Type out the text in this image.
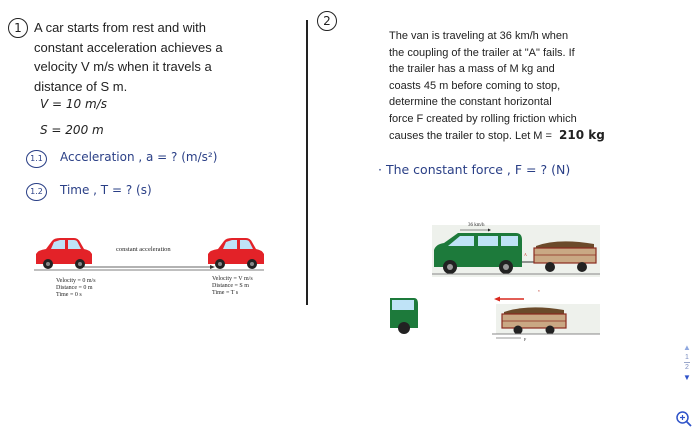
1 A car starts from rest and with
constant acceleration achieves a
velocity V m/s when it travels a
distance of S m.
V = 10 m/s
S = 200 m
1.1	Acceleration , a = ? (m/s²)
1.2	Time , T = ? (s)
constant acceleration
Velocity = 0 m/s
Distance = 0 m
Time = 0 s
Velocity = V m/s
Distance = S m
Time = T s
2
The van is traveling at 36 km/h when
the coupling of the trailer at "A" fails. If
the trailer has a mass of M kg and
coasts 45 m before coming to stop,
determine the constant horizontal
force F created by rolling friction which
causes the trailer to stop. Let M = 210 kg
· The constant force , F = ? (N)
36 km/h
A
v
F
▲
1
2
▼
